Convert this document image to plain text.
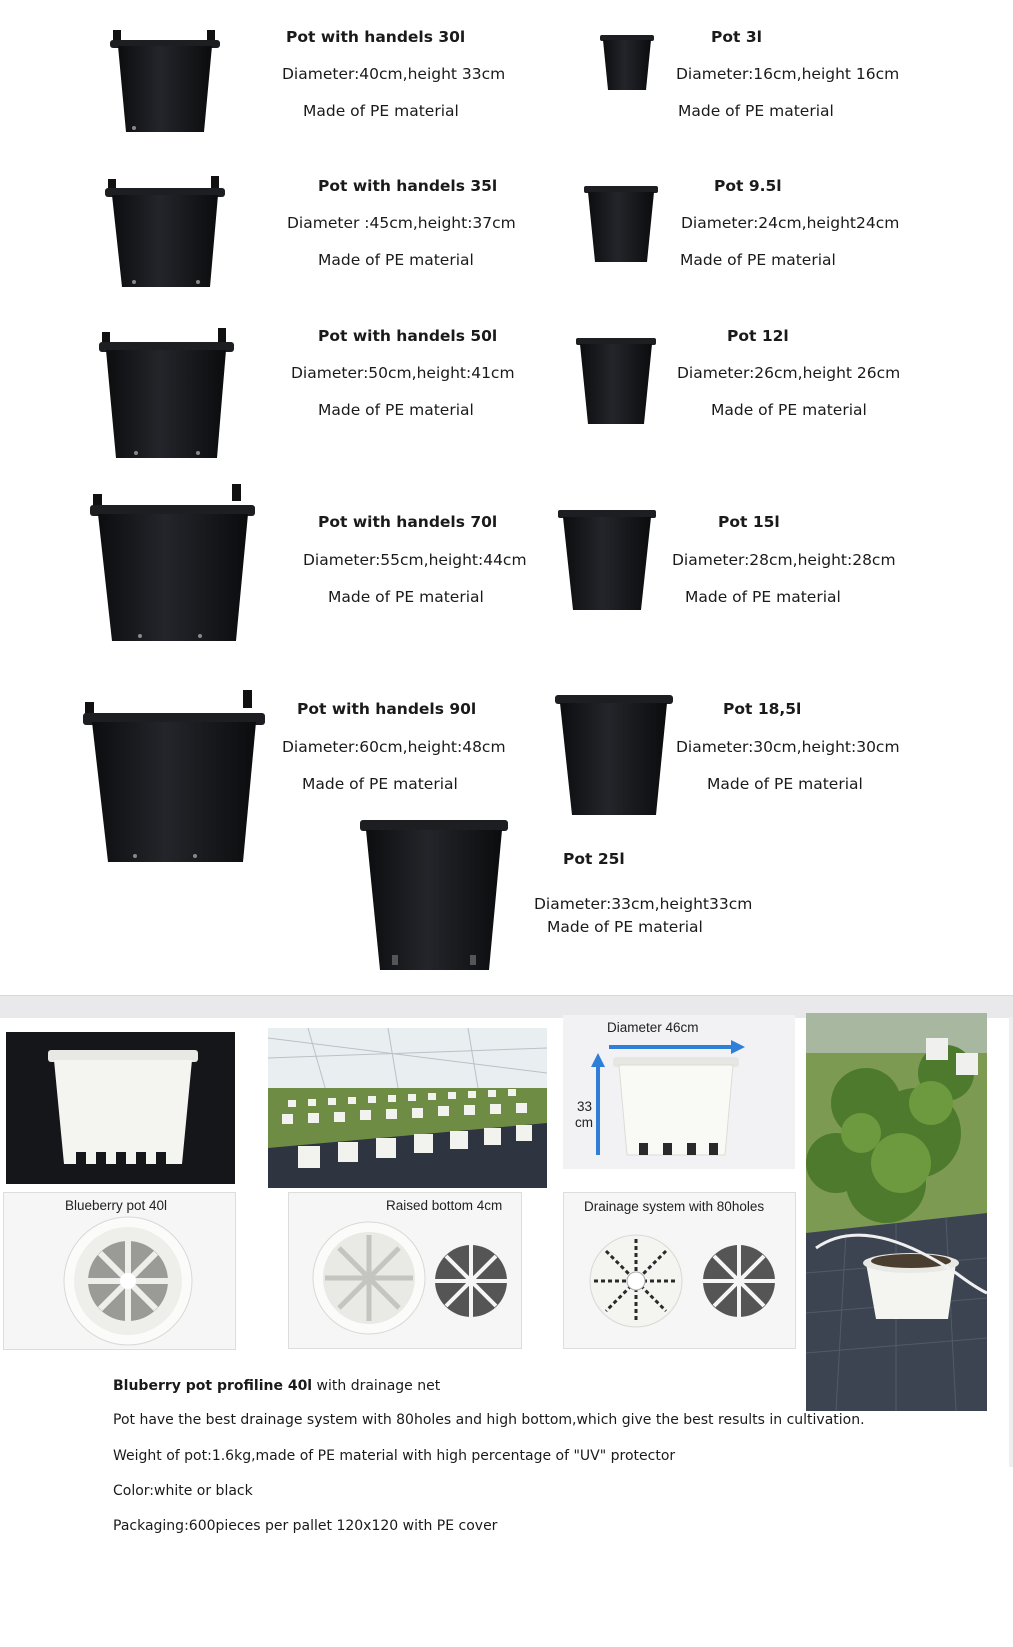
Pot with handels 30l
Diameter:40cm,height 33cm
Made of PE material
Pot 3l
Diameter:16cm,height 16cm
Made of PE material
Pot with handels 35l
Diameter :45cm,height:37cm
Made of PE material
Pot 9.5l
Diameter:24cm,height24cm
Made of PE material
Pot with handels 50l
Diameter:50cm,height:41cm
Made of PE material
Pot 12l
Diameter:26cm,height 26cm
Made of PE material
Pot with handels 70l
Diameter:55cm,height:44cm
Made of PE material
Pot 15l
Diameter:28cm,height:28cm
Made of PE material
Pot with handels 90l
Diameter:60cm,height:48cm
Made of PE material
Pot 18,5l
Diameter:30cm,height:30cm
Made of PE material
Pot 25l
Diameter:33cm,height33cm
Made of PE material
Diameter 46cm
33
cm
Blueberry pot 40l	Raised bottom 4cm	Drainage system with 80holes
Bluberry pot profiline 40l with drainage net
Pot have the best drainage system with 80holes and high bottom,which give the best results in cultivation.
Weight of pot:1.6kg,made of PE material with high percentage of "UV" protector
Color:white or black
Packaging:600pieces per pallet 120x120 with PE cover
